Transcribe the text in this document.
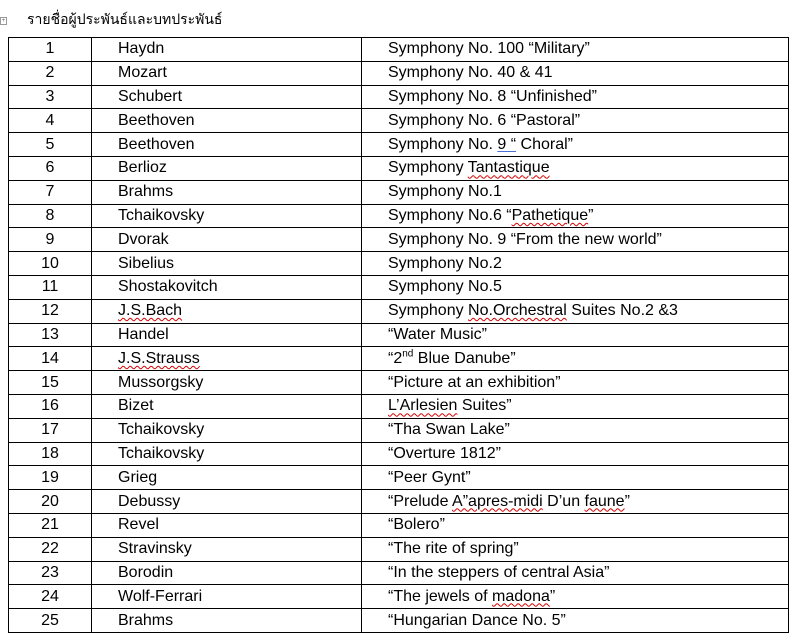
+ รายชื่อผู้ประพันธ์และบทประพันธ์
1	Haydn	Symphony No. 100 “Military”
2	Mozart	Symphony No. 40 & 41
3	Schubert	Symphony No. 8 “Unfinished”
4	Beethoven	Symphony No. 6 “Pastoral”
5	Beethoven	Symphony No. 9 “ Choral”
6	Berlioz	Symphony Tantastique
7	Brahms	Symphony No.1
8	Tchaikovsky	Symphony No.6 “Pathetique”
9	Dvorak	Symphony No. 9 “From the new world”
10	Sibelius	Symphony No.2
11	Shostakovitch	Symphony No.5
12	J.S.Bach	Symphony No.Orchestral Suites No.2 &3
13	Handel	“Water Music”
14	J.S.Strauss	“2nd Blue Danube”
15	Mussorgsky	“Picture at an exhibition”
16	Bizet	L’Arlesien Suites”
17	Tchaikovsky	“Tha Swan Lake”
18	Tchaikovsky	“Overture 1812”
19	Grieg	“Peer Gynt”
20	Debussy	“Prelude A”apres-midi D’un faune”
21	Revel	“Bolero”
22	Stravinsky	“The rite of spring”
23	Borodin	“In the steppers of central Asia”
24	Wolf-Ferrari	“The jewels of madona”
25	Brahms	“Hungarian Dance No. 5”
